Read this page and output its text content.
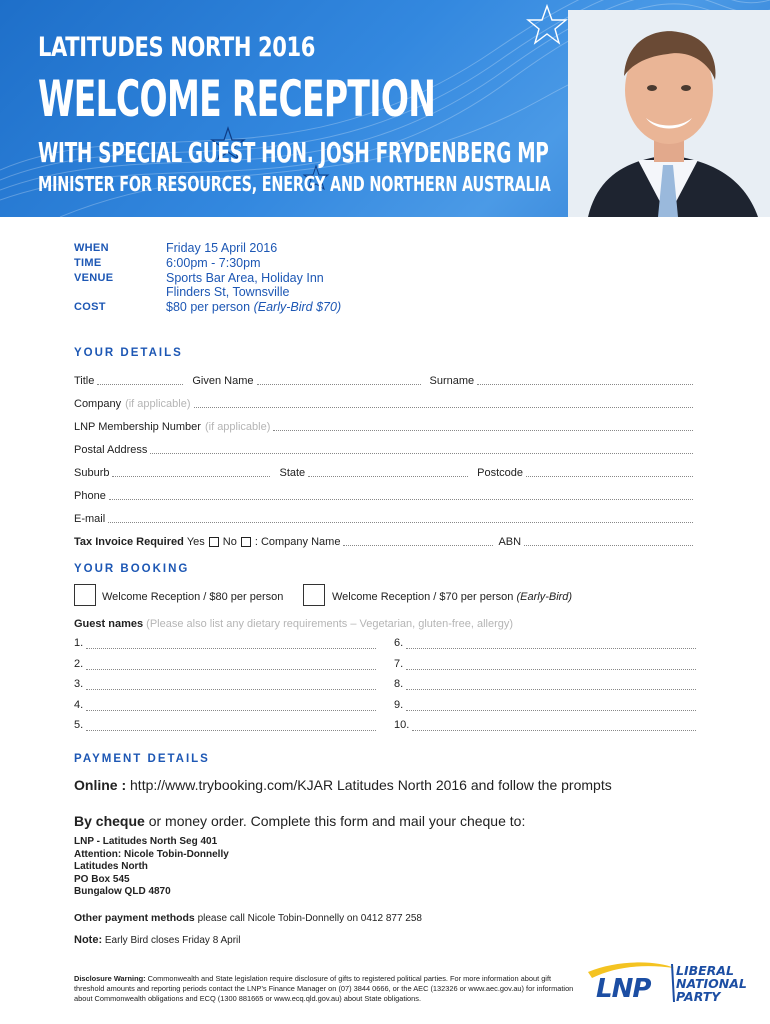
LATITUDES NORTH 2016
WELCOME RECEPTION
WITH SPECIAL GUEST HON. JOSH FRYDENBERG MP
MINISTER FOR RESOURCES, ENERGY AND NORTHERN AUSTRALIA
WHEN	Friday 15 April 2016
TIME	6:00pm - 7:30pm
VENUE	Sports Bar Area, Holiday Inn
Flinders St, Townsville
COST	$80 per person (Early-Bird $70)
YOUR DETAILS
Title	Given Name	Surname
Company (if applicable)
LNP Membership Number (if applicable)
Postal Address
Suburb	State	Postcode
Phone
E-mail
Tax Invoice Required Yes No : Company Name	ABN
YOUR BOOKING
Welcome Reception / $80 per person	Welcome Reception / $70 per person (Early-Bird)
Guest names (Please also list any dietary requirements – Vegetarian, gluten-free, allergy)
1.
2.
3.
4.
5.
6.
7.
8.
9.
10.
PAYMENT DETAILS
Online : http://www.trybooking.com/KJAR Latitudes North 2016 and follow the prompts
By cheque or money order. Complete this form and mail your cheque to:
LNP - Latitudes North Seg 401
Attention: Nicole Tobin-Donnelly
Latitudes North
PO Box 545
Bungalow QLD 4870
Other payment methods please call Nicole Tobin-Donnelly on 0412 877 258
Note: Early Bird closes Friday 8 April
Disclosure Warning: Commonwealth and State legislation require disclosure of gifts to registered political parties. For more information about gift threshold amounts and reporting periods contact the LNP’s Finance Manager on (07) 3844 0666, or the AEC (132326 or www.aec.gov.au) for information about Commonwealth obligations and ECQ (1300 881665 or www.ecq.qld.gov.au) about State obligations.	LNP
LIBERAL
NATIONAL
PARTY
